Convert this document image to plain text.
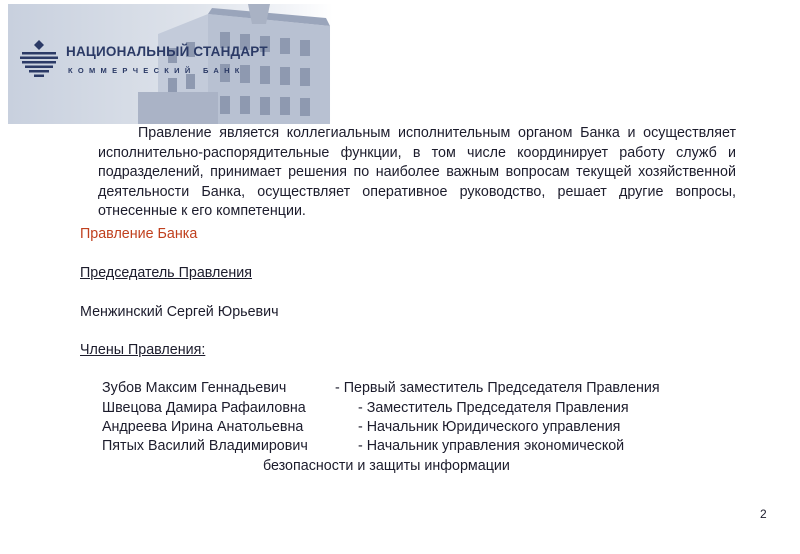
НАЦИОНАЛЬНЫЙ СТАНДАРТ
КОММЕРЧЕСКИЙ БАНК
Правление является коллегиальным исполнительным органом Банка и осуществляет исполнительно-распорядительные функции, в том числе координирует работу служб и подразделений, принимает решения по наиболее важным вопросам текущей хозяйственной деятельности Банка, осуществляет оперативное руководство, решает другие вопросы, отнесенные к его компетенции.
Правление Банка
Председатель Правления
Менжинский Сергей Юрьевич
Члены Правления:
Зубов Максим Геннадьевич	- Первый заместитель Председателя Правления
Швецова Дамира Рафаиловна	- Заместитель Председателя Правления
Андреева Ирина Анатольевна	- Начальник Юридического управления
Пятых Василий Владимирович	- Начальник управления экономической
безопасности и защиты информации
2
